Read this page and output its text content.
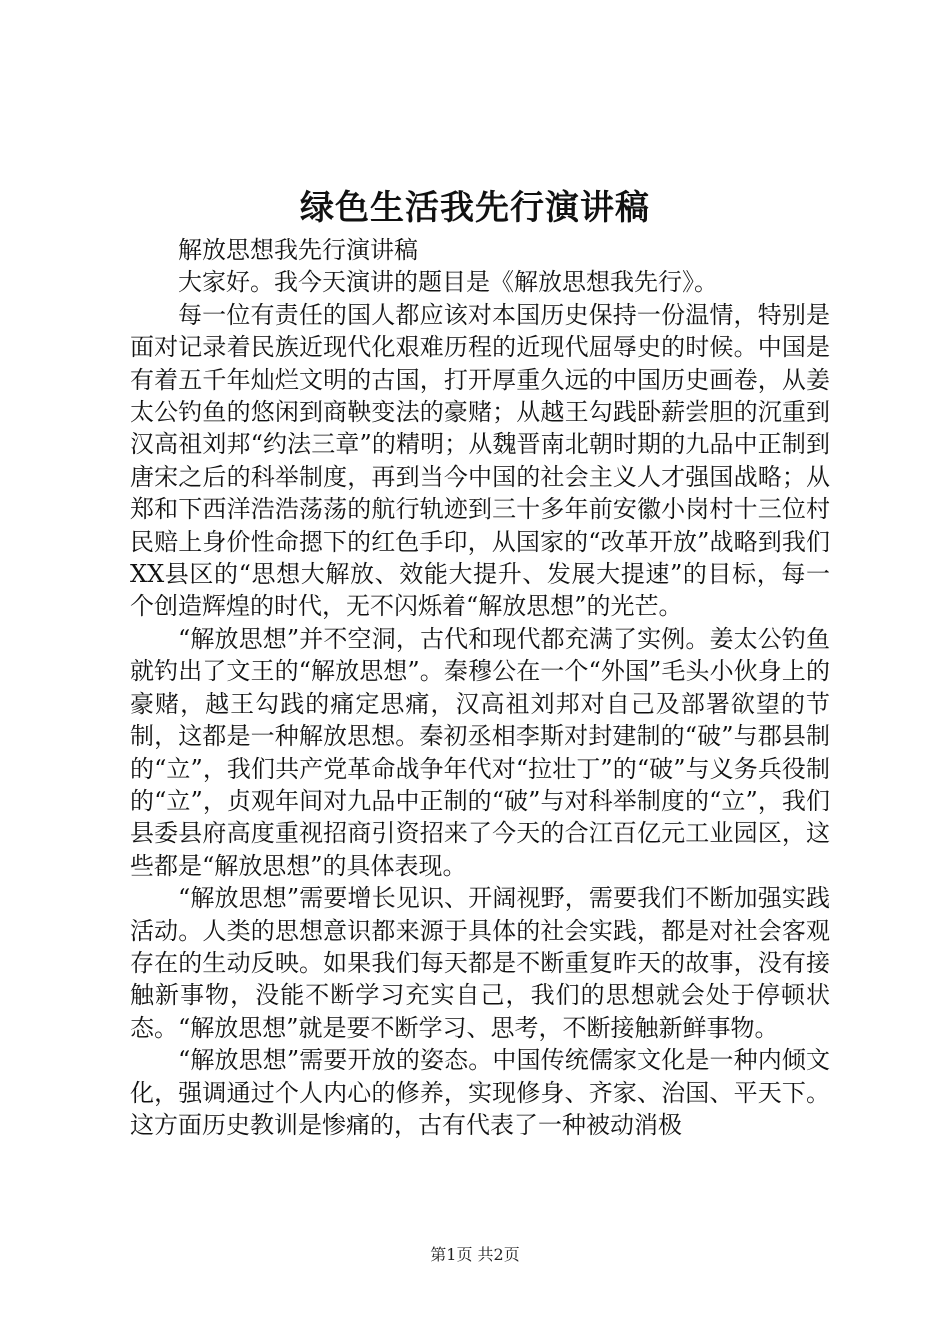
绿色生活我先行演讲稿

解放思想我先行演讲稿

大家好。我今天演讲的题目是《解放思想我先行》。

每一位有责任的国人都应该对本国历史保持一份温情，特别是面对记录着民族近现代化艰难历程的近现代屈辱史的时候。中国是有着五千年灿烂文明的古国，打开厚重久远的中国历史画卷，从姜太公钓鱼的悠闲到商鞅变法的豪赌；从越王勾践卧薪尝胆的沉重到汉高祖刘邦“约法三章”的精明；从魏晋南北朝时期的九品中正制到唐宋之后的科举制度，再到当今中国的社会主义人才强国战略；从郑和下西洋浩浩荡荡的航行轨迹到三十多年前安徽小岗村十三位村民赔上身价性命摁下的红色手印，从国家的“改革开放”战略到我们XX县区的“思想大解放、效能大提升、发展大提速”的目标，每一个创造辉煌的时代，无不闪烁着“解放思想”的光芒。

“解放思想”并不空洞，古代和现代都充满了实例。姜太公钓鱼就钓出了文王的“解放思想”。秦穆公在一个“外国”毛头小伙身上的豪赌，越王勾践的痛定思痛，汉高祖刘邦对自己及部署欲望的节制，这都是一种解放思想。秦初丞相李斯对封建制的“破”与郡县制的“立”，我们共产党革命战争年代对“拉壮丁”的“破”与义务兵役制的“立”，贞观年间对九品中正制的“破”与对科举制度的“立”，我们县委县府高度重视招商引资招来了今天的合江百亿元工业园区，这些都是“解放思想”的具体表现。

“解放思想”需要增长见识、开阔视野，需要我们不断加强实践活动。人类的思想意识都来源于具体的社会实践，都是对社会客观存在的生动反映。如果我们每天都是不断重复昨天的故事，没有接触新事物，没能不断学习充实自己，我们的思想就会处于停顿状态。“解放思想”就是要不断学习、思考，不断接触新鲜事物。

“解放思想”需要开放的姿态。中国传统儒家文化是一种内倾文化，强调通过个人内心的修养，实现修身、齐家、治国、平天下。这方面历史教训是惨痛的，古有代表了一种被动消极

第1页 共2页
